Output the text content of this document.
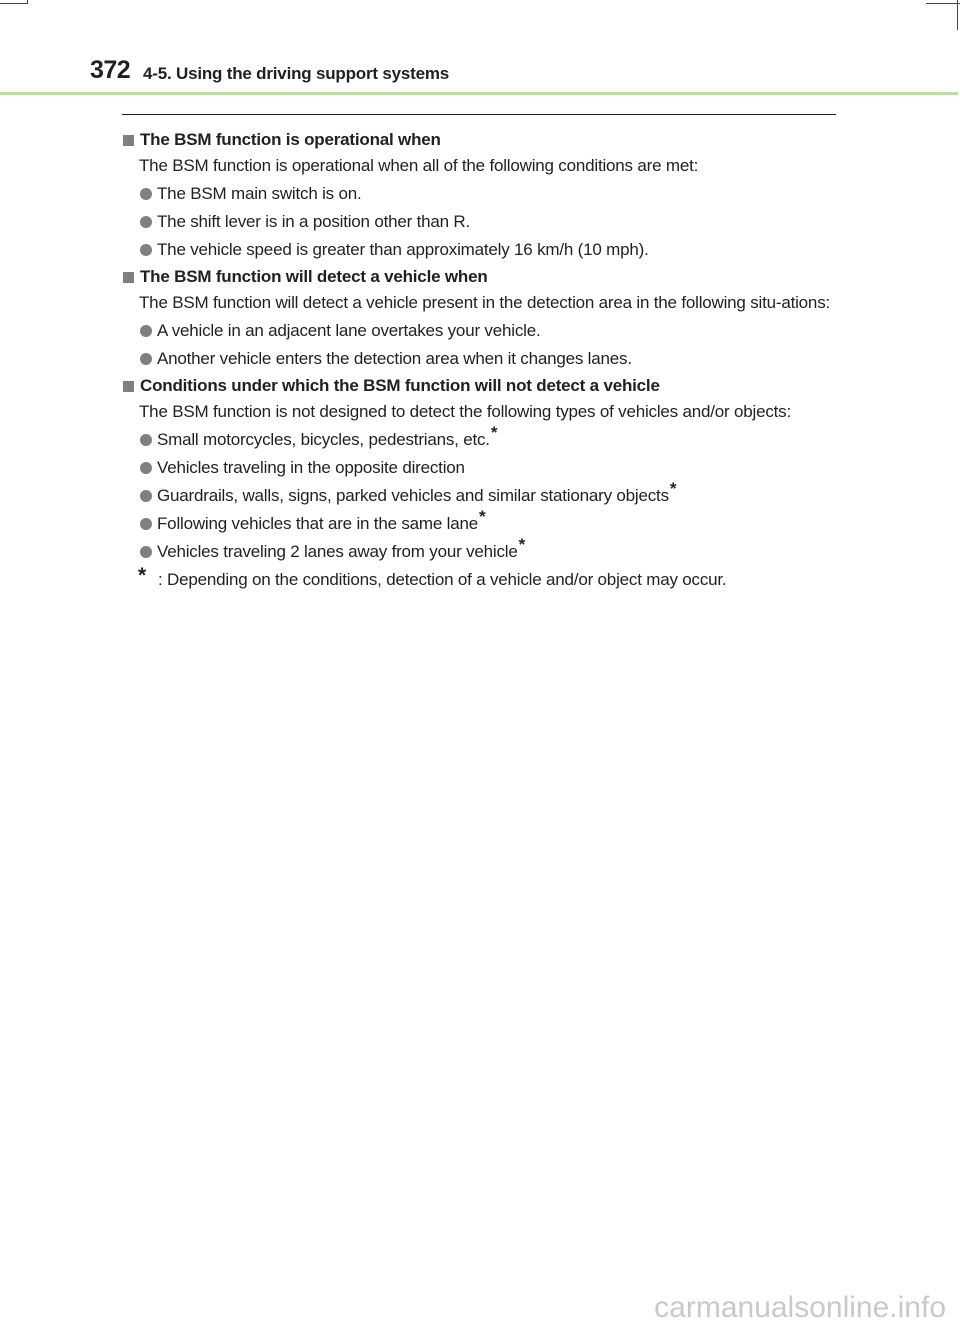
372 4-5. Using the driving support systems
The BSM function is operational when
The BSM function is operational when all of the following conditions are met:
The BSM main switch is on.
The shift lever is in a position other than R.
The vehicle speed is greater than approximately 16 km/h (10 mph).
The BSM function will detect a vehicle when
The BSM function will detect a vehicle present in the detection area in the following situ-ations:
A vehicle in an adjacent lane overtakes your vehicle.
Another vehicle enters the detection area when it changes lanes.
Conditions under which the BSM function will not detect a vehicle
The BSM function is not designed to detect the following types of vehicles and/or objects:
Small motorcycles, bicycles, pedestrians, etc.*
Vehicles traveling in the opposite direction
Guardrails, walls, signs, parked vehicles and similar stationary objects*
Following vehicles that are in the same lane*
Vehicles traveling 2 lanes away from your vehicle*
* : Depending on the conditions, detection of a vehicle and/or object may occur.
carmanualsonline.info
